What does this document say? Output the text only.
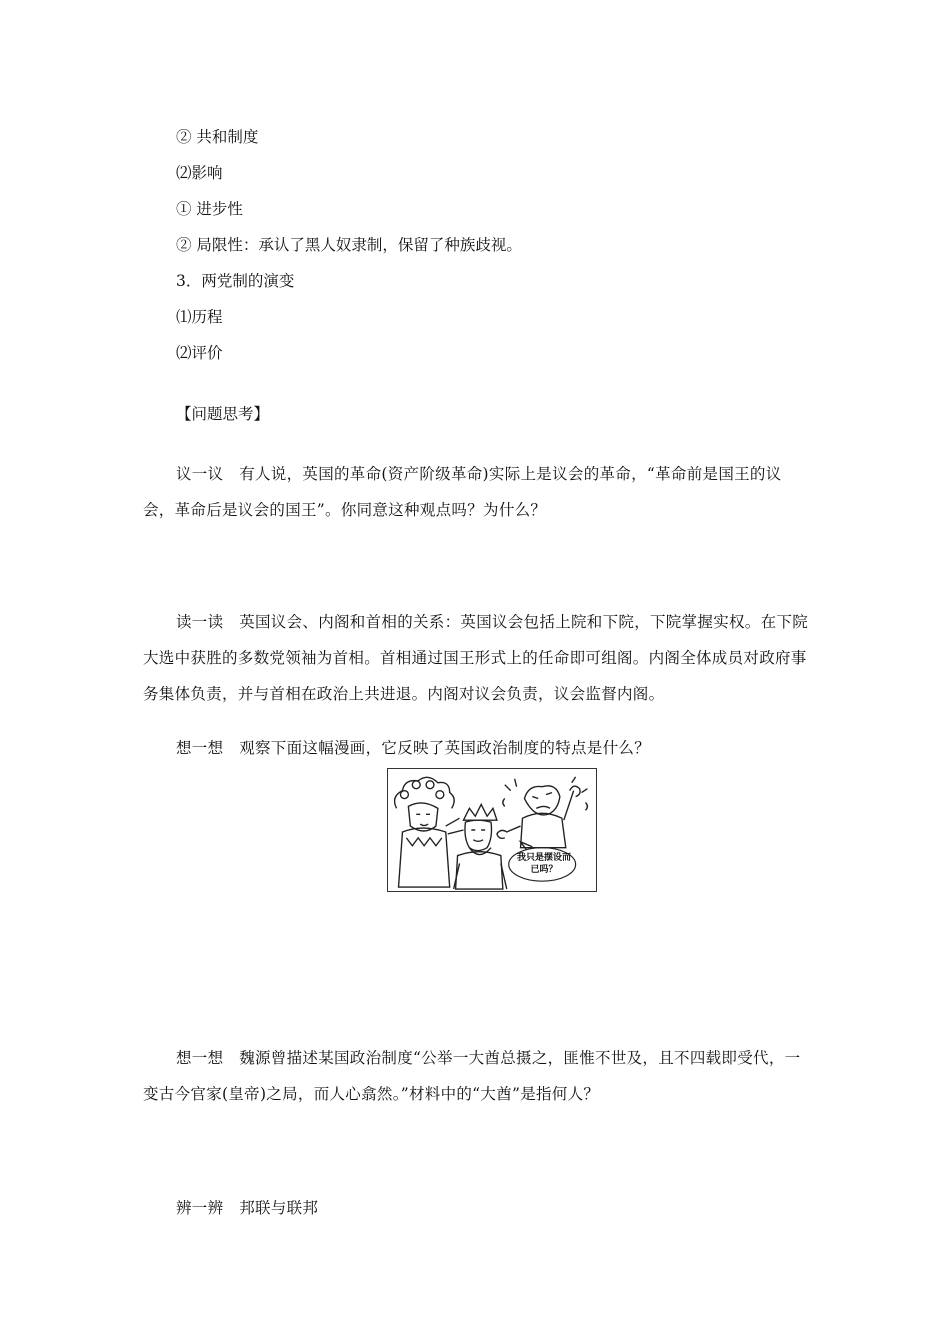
② 共和制度
⑵影响
① 进步性
② 局限性：承认了黑人奴隶制，保留了种族歧视。
3．两党制的演变
⑴历程
⑵评价
【问题思考】
议一议　有人说，英国的革命(资产阶级革命)实际上是议会的革命，“革命前是国王的议会，革命后是议会的国王”。你同意这种观点吗？为什么？
读一读　英国议会、内阁和首相的关系：英国议会包括上院和下院，下院掌握实权。在下院大选中获胜的多数党领袖为首相。首相通过国王形式上的任命即可组阁。内阁全体成员对政府事务集体负责，并与首相在政治上共进退。内阁对议会负责，议会监督内阁。
想一想　观察下面这幅漫画，它反映了英国政治制度的特点是什么？
我只是摆设而已吗？
想一想　魏源曾描述某国政治制度“公举一大酋总摄之，匪惟不世及，且不四载即受代，一变古今官家(皇帝)之局，而人心翕然。”材料中的“大酋”是指何人？
辨一辨　邦联与联邦
